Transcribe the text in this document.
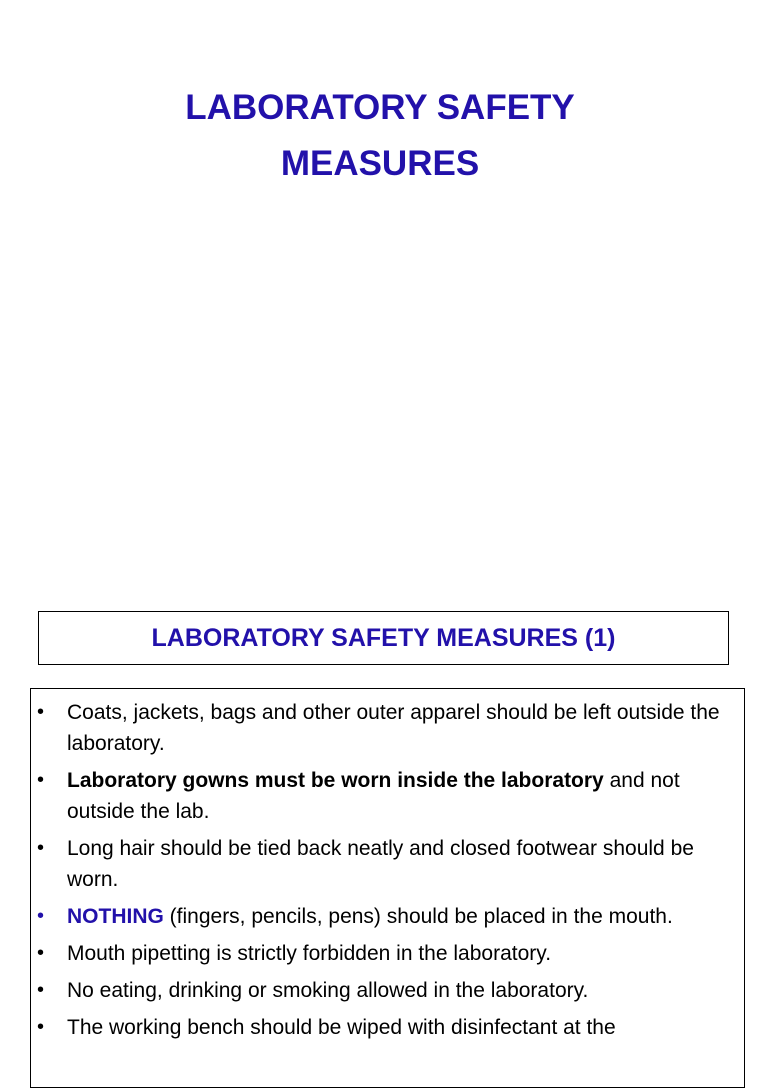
LABORATORY SAFETY
MEASURES
LABORATORY SAFETY MEASURES (1)
• Coats, jackets, bags and other outer apparel should be left outside the laboratory.
• Laboratory gowns must be worn inside the laboratory and not outside the lab.
• Long hair should be tied back neatly and closed footwear should be worn.
• NOTHING (fingers, pencils, pens) should be placed in the mouth.
• Mouth pipetting is strictly forbidden in the laboratory.
• No eating, drinking or smoking allowed in the laboratory.
• The working bench should be wiped with disinfectant at the
